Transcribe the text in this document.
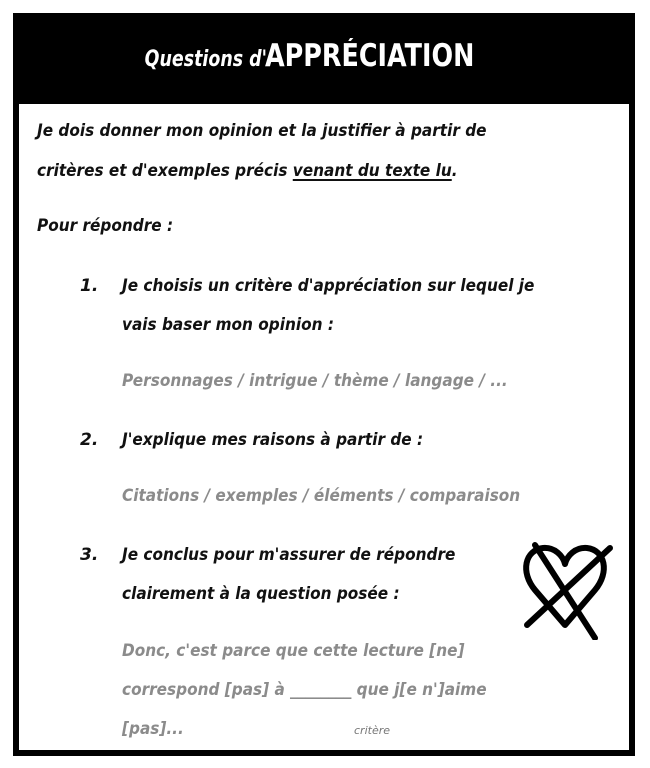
Questions d'APPRÉCIATION
Je dois donner mon opinion et la justifier à partir de
critères et d'exemples précis venant du texte lu.
Pour répondre :
1. Je choisis un critère d'appréciation sur lequel je
vais baser mon opinion :
Personnages / intrigue / thème / langage / ...
2. J'explique mes raisons à partir de :
Citations / exemples / éléments / comparaison
3. Je conclus pour m'assurer de répondre
clairement à la question posée :
Donc, c'est parce que cette lecture [ne]
correspond [pas] à ________ que j[e n']aime
[pas]...	critère
